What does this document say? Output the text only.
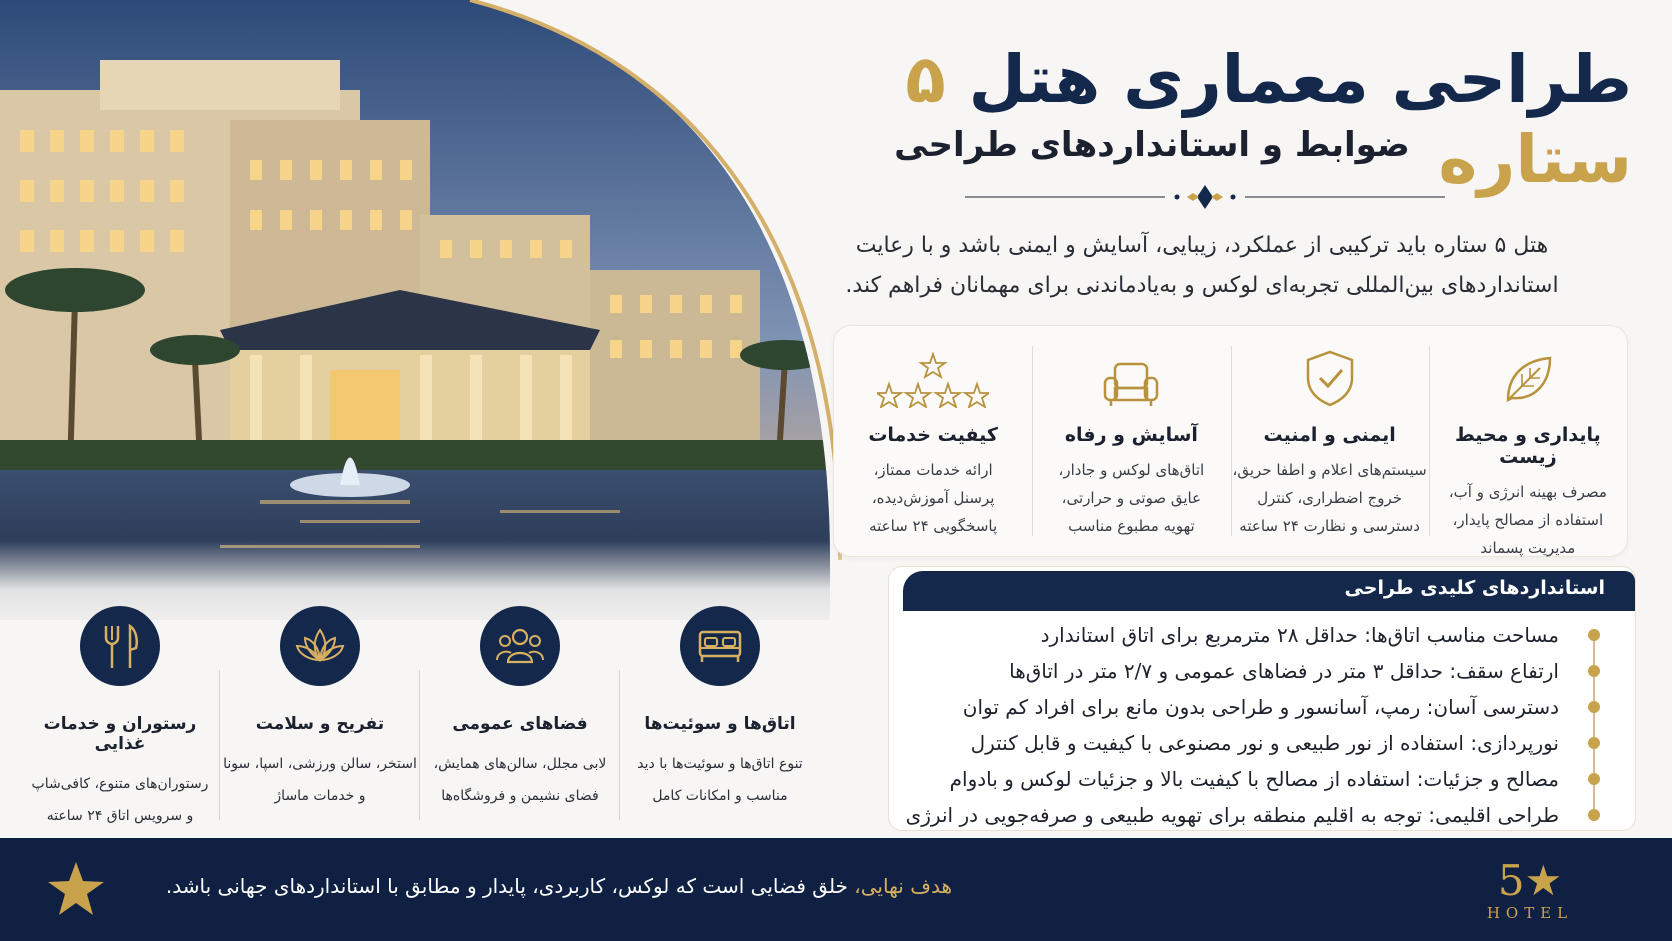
طراحی معماری هتل ۵ ستاره
ضوابط و استانداردهای طراحی
هتل ۵ ستاره باید ترکیبی از عملکرد، زیبایی، آسایش و ایمنی باشد و با رعایت استانداردهای بین‌المللی تجربه‌ای لوکس و به‌یادماندنی برای مهمانان فراهم کند.
پایداری و محیط زیست

مصرف بهینه انرژی و آب،
استفاده از مصالح پایدار،
مدیریت پسماند

ایمنی و امنیت

سیستم‌های اعلام و اطفا حریق،
خروج اضطراری، کنترل
دسترسی و نظارت ۲۴ ساعته

آسایش و رفاه

اتاق‌های لوکس و جادار،
عایق صوتی و حرارتی،
تهویه مطبوع مناسب

کیفیت خدمات

ارائه خدمات ممتاز،
پرسنل آموزش‌دیده،
پاسخگویی ۲۴ ساعته

استانداردهای کلیدی طراحی
مساحت مناسب اتاق‌ها: حداقل ۲۸ مترمربع برای اتاق استاندارد
ارتفاع سقف: حداقل ۳ متر در فضاهای عمومی و ۲/۷ متر در اتاق‌ها
دسترسی آسان: رمپ، آسانسور و طراحی بدون مانع برای افراد کم توان
نورپردازی: استفاده از نور طبیعی و نور مصنوعی با کیفیت و قابل کنترل
مصالح و جزئیات: استفاده از مصالح با کیفیت بالا و جزئیات لوکس و بادوام
طراحی اقلیمی: توجه به اقلیم منطقه برای تهویه طبیعی و صرفه‌جویی در انرژی
اتاق‌ها و سوئیت‌ها

تنوع اتاق‌ها و سوئیت‌ها با دید
مناسب و امکانات کامل

فضاهای عمومی

لابی مجلل، سالن‌های همایش،
فضای نشیمن و فروشگاه‌ها

تفریح و سلامت

استخر، سالن ورزشی، اسپا، سونا
و خدمات ماساژ

رستوران و خدمات غذایی

رستوران‌های متنوع، کافی‌شاپ
و سرویس اتاق ۲۴ ساعته

هدف نهایی، خلق فضایی است که لوکس، کاربردی، پایدار و مطابق با استانداردهای جهانی باشد.	5★
HOTEL
